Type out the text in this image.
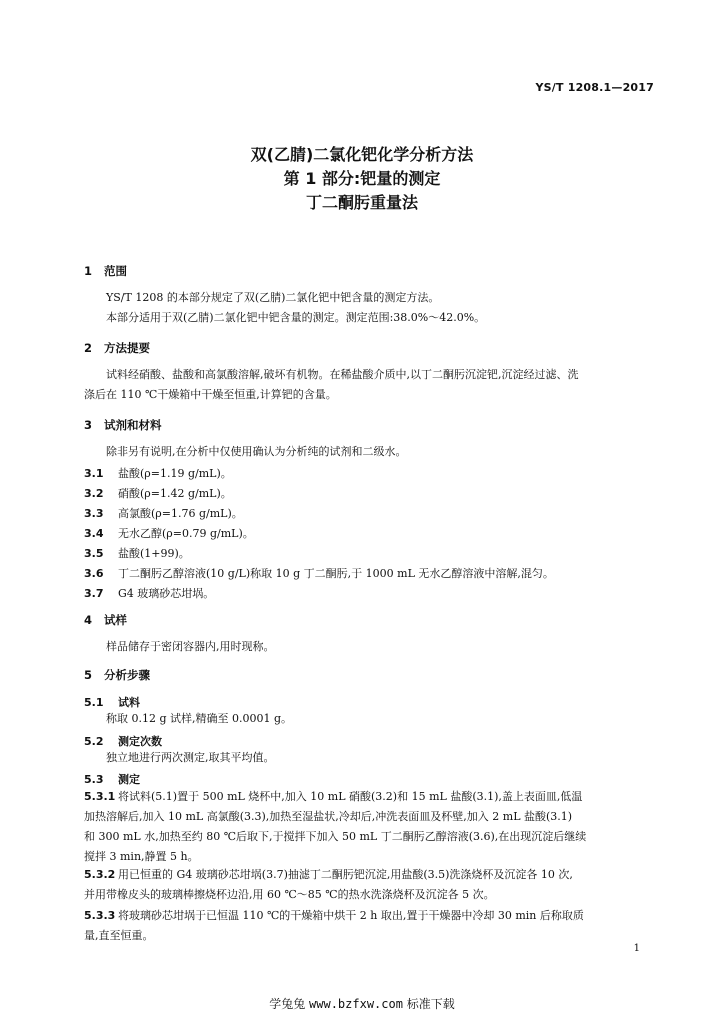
YS/T 1208.1—2017
双(乙腈)二氯化钯化学分析方法
第 1 部分:钯量的测定
丁二酮肟重量法
1 范围
YS/T 1208 的本部分规定了双(乙腈)二氯化钯中钯含量的测定方法。
本部分适用于双(乙腈)二氯化钯中钯含量的测定。测定范围:38.0%～42.0%。
2 方法提要
试料经硝酸、盐酸和高氯酸溶解,破坏有机物。在稀盐酸介质中,以丁二酮肟沉淀钯,沉淀经过滤、洗
涤后在 110 ℃干燥箱中干燥至恒重,计算钯的含量。
3 试剂和材料
除非另有说明,在分析中仅使用确认为分析纯的试剂和二级水。
3.1 盐酸(ρ=1.19 g/mL)。
3.2 硝酸(ρ=1.42 g/mL)。
3.3 高氯酸(ρ=1.76 g/mL)。
3.4 无水乙醇(ρ=0.79 g/mL)。
3.5 盐酸(1+99)。
3.6 丁二酮肟乙醇溶液(10 g/L)称取 10 g 丁二酮肟,于 1000 mL 无水乙醇溶液中溶解,混匀。
3.7 G4 玻璃砂芯坩埚。
4 试样
样品储存于密闭容器内,用时现称。
5 分析步骤
5.1 试料
称取 0.12 g 试样,精确至 0.0001 g。
5.2 测定次数
独立地进行两次测定,取其平均值。
5.3 测定
5.3.1 将试料(5.1)置于 500 mL 烧杯中,加入 10 mL 硝酸(3.2)和 15 mL 盐酸(3.1),盖上表面皿,低温
加热溶解后,加入 10 mL 高氯酸(3.3),加热至湿盐状,冷却后,冲洗表面皿及杯壁,加入 2 mL 盐酸(3.1)
和 300 mL 水,加热至约 80 ℃后取下,于搅拌下加入 50 mL 丁二酮肟乙醇溶液(3.6),在出现沉淀后继续
搅拌 3 min,静置 5 h。
5.3.2 用已恒重的 G4 玻璃砂芯坩埚(3.7)抽滤丁二酮肟钯沉淀,用盐酸(3.5)洗涤烧杯及沉淀各 10 次,
并用带橡皮头的玻璃棒擦烧杯边沿,用 60 ℃～85 ℃的热水洗涤烧杯及沉淀各 5 次。
5.3.3 将玻璃砂芯坩埚于已恒温 110 ℃的干燥箱中烘干 2 h 取出,置于干燥器中冷却 30 min 后称取质
量,直至恒重。
1
学兔兔 www.bzfxw.com 标准下载
